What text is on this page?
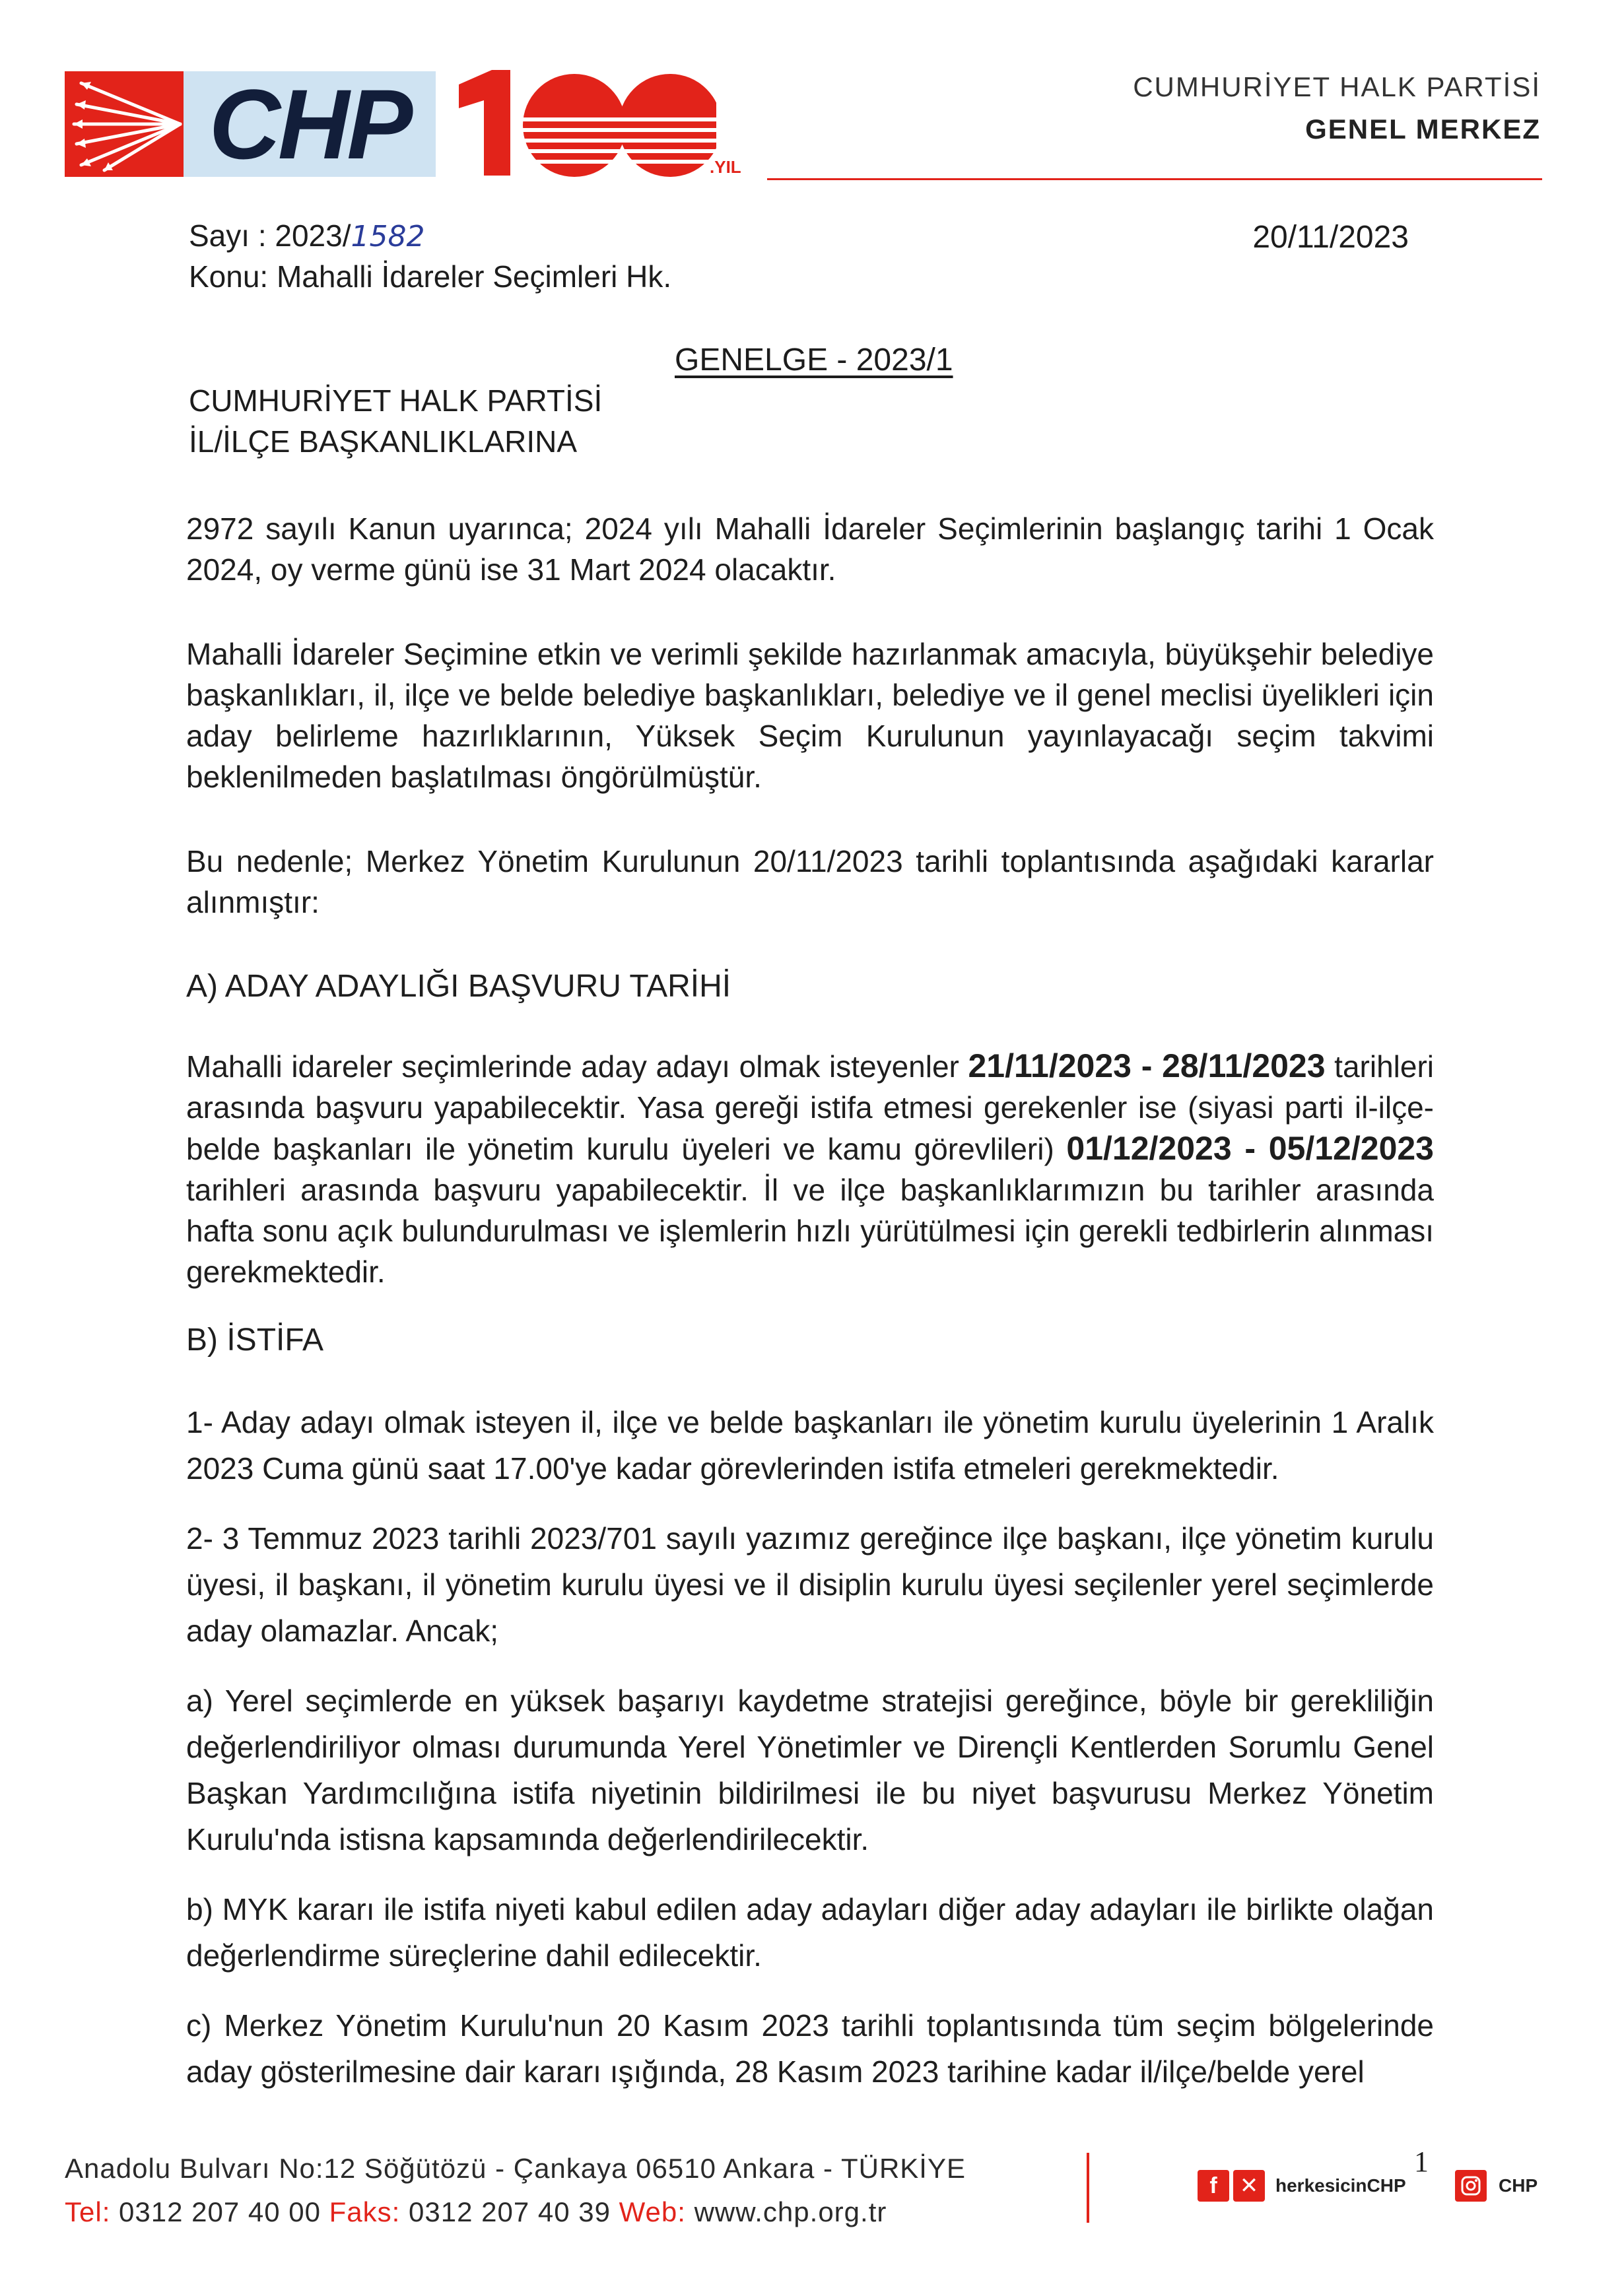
CHP	.YIL
CUMHURİYET HALK PARTİSİ
GENEL MERKEZ
Sayı : 2023/1582
Konu: Mahalli İdareler Seçimleri Hk.
20/11/2023
GENELGE - 2023/1
CUMHURİYET HALK PARTİSİ
İL/İLÇE BAŞKANLIKLARINA

2972 sayılı Kanun uyarınca; 2024 yılı Mahalli İdareler Seçimlerinin başlangıç tarihi 1 Ocak 2024, oy verme günü ise 31 Mart 2024 olacaktır.

Mahalli İdareler Seçimine etkin ve verimli şekilde hazırlanmak amacıyla, büyükşehir belediye başkanlıkları, il, ilçe ve belde belediye başkanlıkları, belediye ve il genel meclisi üyelikleri için aday belirleme hazırlıklarının, Yüksek Seçim Kurulunun yayınlayacağı seçim takvimi beklenilmeden başlatılması öngörülmüştür.

Bu nedenle; Merkez Yönetim Kurulunun 20/11/2023 tarihli toplantısında aşağıdaki kararlar alınmıştır:

A) ADAY ADAYLIĞI BAŞVURU TARİHİ

Mahalli idareler seçimlerinde aday adayı olmak isteyenler 21/11/2023 - 28/11/2023 tarihleri arasında başvuru yapabilecektir. Yasa gereği istifa etmesi gerekenler ise (siyasi parti il-ilçe-belde başkanları ile yönetim kurulu üyeleri ve kamu görevlileri) 01/12/2023 - 05/12/2023 tarihleri arasında başvuru yapabilecektir. İl ve ilçe başkanlıklarımızın bu tarihler arasında hafta sonu açık bulundurulması ve işlemlerin hızlı yürütülmesi için gerekli tedbirlerin alınması gerekmektedir.

B) İSTİFA

1- Aday adayı olmak isteyen il, ilçe ve belde başkanları ile yönetim kurulu üyelerinin 1 Aralık 2023 Cuma günü saat 17.00'ye kadar görevlerinden istifa etmeleri gerekmektedir.

2- 3 Temmuz 2023 tarihli 2023/701 sayılı yazımız gereğince ilçe başkanı, ilçe yönetim kurulu üyesi, il başkanı, il yönetim kurulu üyesi ve il disiplin kurulu üyesi seçilenler yerel seçimlerde aday olamazlar. Ancak;

a) Yerel seçimlerde en yüksek başarıyı kaydetme stratejisi gereğince, böyle bir gerekliliğin değerlendiriliyor olması durumunda Yerel Yönetimler ve Dirençli Kentlerden Sorumlu Genel Başkan Yardımcılığına istifa niyetinin bildirilmesi ile bu niyet başvurusu Merkez Yönetim Kurulu'nda istisna kapsamında değerlendirilecektir.

b) MYK kararı ile istifa niyeti kabul edilen aday adayları diğer aday adayları ile birlikte olağan değerlendirme süreçlerine dahil edilecektir.

c) Merkez Yönetim Kurulu'nun 20 Kasım 2023 tarihli toplantısında tüm seçim bölgelerinde aday gösterilmesine dair kararı ışığında, 28 Kasım 2023 tarihine kadar il/ilçe/belde yerel

1
Anadolu Bulvarı No:12 Söğütözü - Çankaya 06510 Ankara - TÜRKİYE
Tel: 0312 207 40 00 Faks: 0312 207 40 39 Web: www.chp.org.tr
f	✕ herkesicinCHP	CHP
